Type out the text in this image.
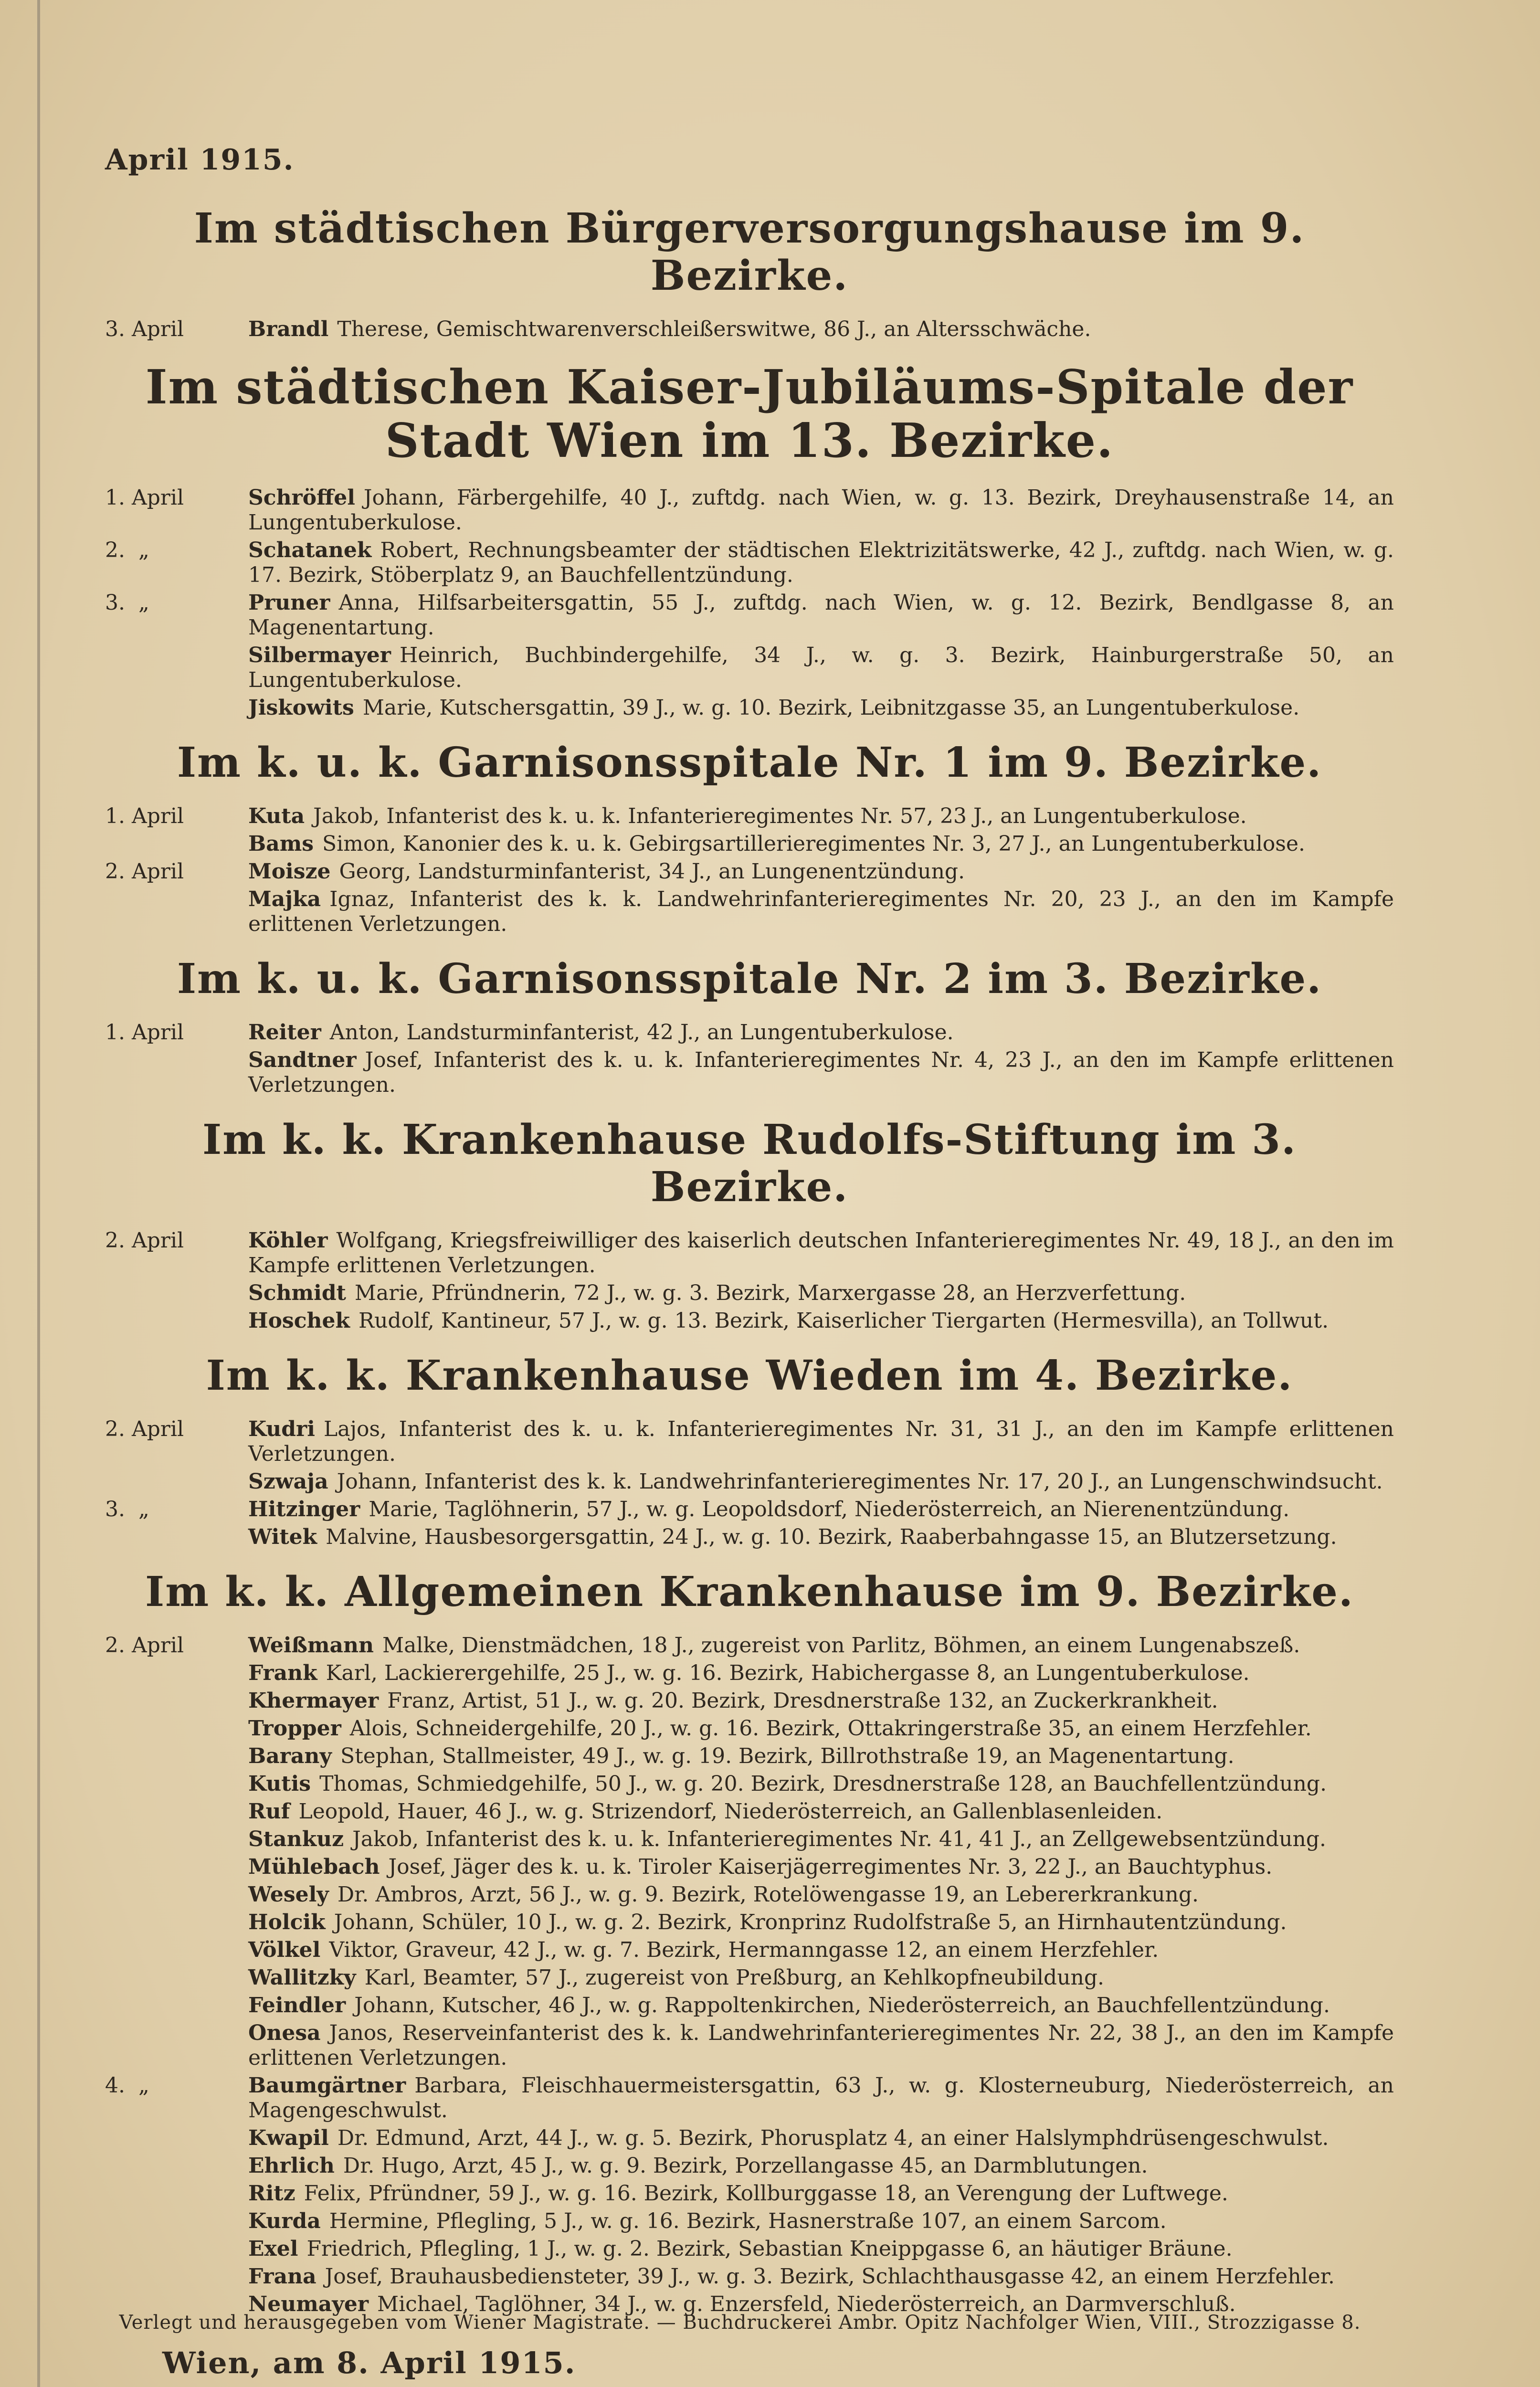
April 1915.
Im städtischen Bürgerversorgungshause im 9. Bezirke.
3. April	Brandl Therese, Gemischtwarenverschleißerswitwe, 86 J., an Altersschwäche.
Im städtischen Kaiser-Jubiläums-Spitale der Stadt Wien im 13. Bezirke.
1. April	Schröffel Johann, Färbergehilfe, 40 J., zuftdg. nach Wien, w. g. 13. Bezirk, Dreyhausenstraße 14, an Lungentuberkulose.
2.  „	Schatanek Robert, Rechnungsbeamter der städtischen Elektrizitätswerke, 42 J., zuftdg. nach Wien, w. g. 17. Bezirk, Stöberplatz 9, an Bauchfellentzündung.
3.  „	Pruner Anna, Hilfsarbeitersgattin, 55 J., zuftdg. nach Wien, w. g. 12. Bezirk, Bendlgasse 8, an Magenentartung.
Silbermayer Heinrich, Buchbindergehilfe, 34 J., w. g. 3. Bezirk, Hainburgerstraße 50, an Lungentuberkulose.
Jiskowits Marie, Kutschersgattin, 39 J., w. g. 10. Bezirk, Leibnitzgasse 35, an Lungentuberkulose.
Im k. u. k. Garnisonsspitale Nr. 1 im 9. Bezirke.
1. April	Kuta Jakob, Infanterist des k. u. k. Infanterieregimentes Nr. 57, 23 J., an Lungentuberkulose.
Bams Simon, Kanonier des k. u. k. Gebirgsartillerieregimentes Nr. 3, 27 J., an Lungentuberkulose.
2. April	Moisze Georg, Landsturminfanterist, 34 J., an Lungenentzündung.
Majka Ignaz, Infanterist des k. k. Landwehrinfanterieregimentes Nr. 20, 23 J., an den im Kampfe erlittenen Verletzungen.
Im k. u. k. Garnisonsspitale Nr. 2 im 3. Bezirke.
1. April	Reiter Anton, Landsturminfanterist, 42 J., an Lungentuberkulose.
Sandtner Josef, Infanterist des k. u. k. Infanterieregimentes Nr. 4, 23 J., an den im Kampfe erlittenen Verletzungen.
Im k. k. Krankenhause Rudolfs-Stiftung im 3. Bezirke.
2. April	Köhler Wolfgang, Kriegsfreiwilliger des kaiserlich deutschen Infanterieregimentes Nr. 49, 18 J., an den im Kampfe erlittenen Verletzungen.
Schmidt Marie, Pfründnerin, 72 J., w. g. 3. Bezirk, Marxergasse 28, an Herzverfettung.
Hoschek Rudolf, Kantineur, 57 J., w. g. 13. Bezirk, Kaiserlicher Tiergarten (Hermesvilla), an Tollwut.
Im k. k. Krankenhause Wieden im 4. Bezirke.
2. April	Kudri Lajos, Infanterist des k. u. k. Infanterieregimentes Nr. 31, 31 J., an den im Kampfe erlittenen Verletzungen.
Szwaja Johann, Infanterist des k. k. Landwehrinfanterieregimentes Nr. 17, 20 J., an Lungenschwindsucht.
3.  „	Hitzinger Marie, Taglöhnerin, 57 J., w. g. Leopoldsdorf, Niederösterreich, an Nierenentzündung.
Witek Malvine, Hausbesorgersgattin, 24 J., w. g. 10. Bezirk, Raaberbahngasse 15, an Blutzersetzung.
Im k. k. Allgemeinen Krankenhause im 9. Bezirke.
2. April	Weißmann Malke, Dienstmädchen, 18 J., zugereist von Parlitz, Böhmen, an einem Lungenabszeß.
Frank Karl, Lackierergehilfe, 25 J., w. g. 16. Bezirk, Habichergasse 8, an Lungentuberkulose.
Khermayer Franz, Artist, 51 J., w. g. 20. Bezirk, Dresdnerstraße 132, an Zuckerkrankheit.
Tropper Alois, Schneidergehilfe, 20 J., w. g. 16. Bezirk, Ottakringerstraße 35, an einem Herzfehler.
Barany Stephan, Stallmeister, 49 J., w. g. 19. Bezirk, Billrothstraße 19, an Magenentartung.
Kutis Thomas, Schmiedgehilfe, 50 J., w. g. 20. Bezirk, Dresdnerstraße 128, an Bauchfellentzündung.
Ruf Leopold, Hauer, 46 J., w. g. Strizendorf, Niederösterreich, an Gallenblasenleiden.
Stankuz Jakob, Infanterist des k. u. k. Infanterieregimentes Nr. 41, 41 J., an Zellgewebsentzündung.
Mühlebach Josef, Jäger des k. u. k. Tiroler Kaiserjägerregimentes Nr. 3, 22 J., an Bauchtyphus.
Wesely Dr. Ambros, Arzt, 56 J., w. g. 9. Bezirk, Rotelöwengasse 19, an Lebererkrankung.
Holcik Johann, Schüler, 10 J., w. g. 2. Bezirk, Kronprinz Rudolfstraße 5, an Hirnhautentzündung.
Völkel Viktor, Graveur, 42 J., w. g. 7. Bezirk, Hermanngasse 12, an einem Herzfehler.
Wallitzky Karl, Beamter, 57 J., zugereist von Preßburg, an Kehlkopfneubildung.
Feindler Johann, Kutscher, 46 J., w. g. Rappoltenkirchen, Niederösterreich, an Bauchfellentzündung.
Onesa Janos, Reserveinfanterist des k. k. Landwehrinfanterieregimentes Nr. 22, 38 J., an den im Kampfe erlittenen Verletzungen.
4.  „	Baumgärtner Barbara, Fleischhauermeistersgattin, 63 J., w. g. Klosterneuburg, Niederösterreich, an Magengeschwulst.
Kwapil Dr. Edmund, Arzt, 44 J., w. g. 5. Bezirk, Phorusplatz 4, an einer Halslymphdrüsengeschwulst.
Ehrlich Dr. Hugo, Arzt, 45 J., w. g. 9. Bezirk, Porzellangasse 45, an Darmblutungen.
Ritz Felix, Pfründner, 59 J., w. g. 16. Bezirk, Kollburggasse 18, an Verengung der Luftwege.
Kurda Hermine, Pflegling, 5 J., w. g. 16. Bezirk, Hasnerstraße 107, an einem Sarcom.
Exel Friedrich, Pflegling, 1 J., w. g. 2. Bezirk, Sebastian Kneippgasse 6, an häutiger Bräune.
Frana Josef, Brauhausbediensteter, 39 J., w. g. 3. Bezirk, Schlachthausgasse 42, an einem Herzfehler.
Neumayer Michael, Taglöhner, 34 J., w. g. Enzersfeld, Niederösterreich, an Darmverschluß.
Wien, am 8. April 1915.
Verlegt und herausgegeben vom Wiener Magistrate. — Buchdruckerei Ambr. Opitz Nachfolger Wien, VIII., Strozzigasse 8.
